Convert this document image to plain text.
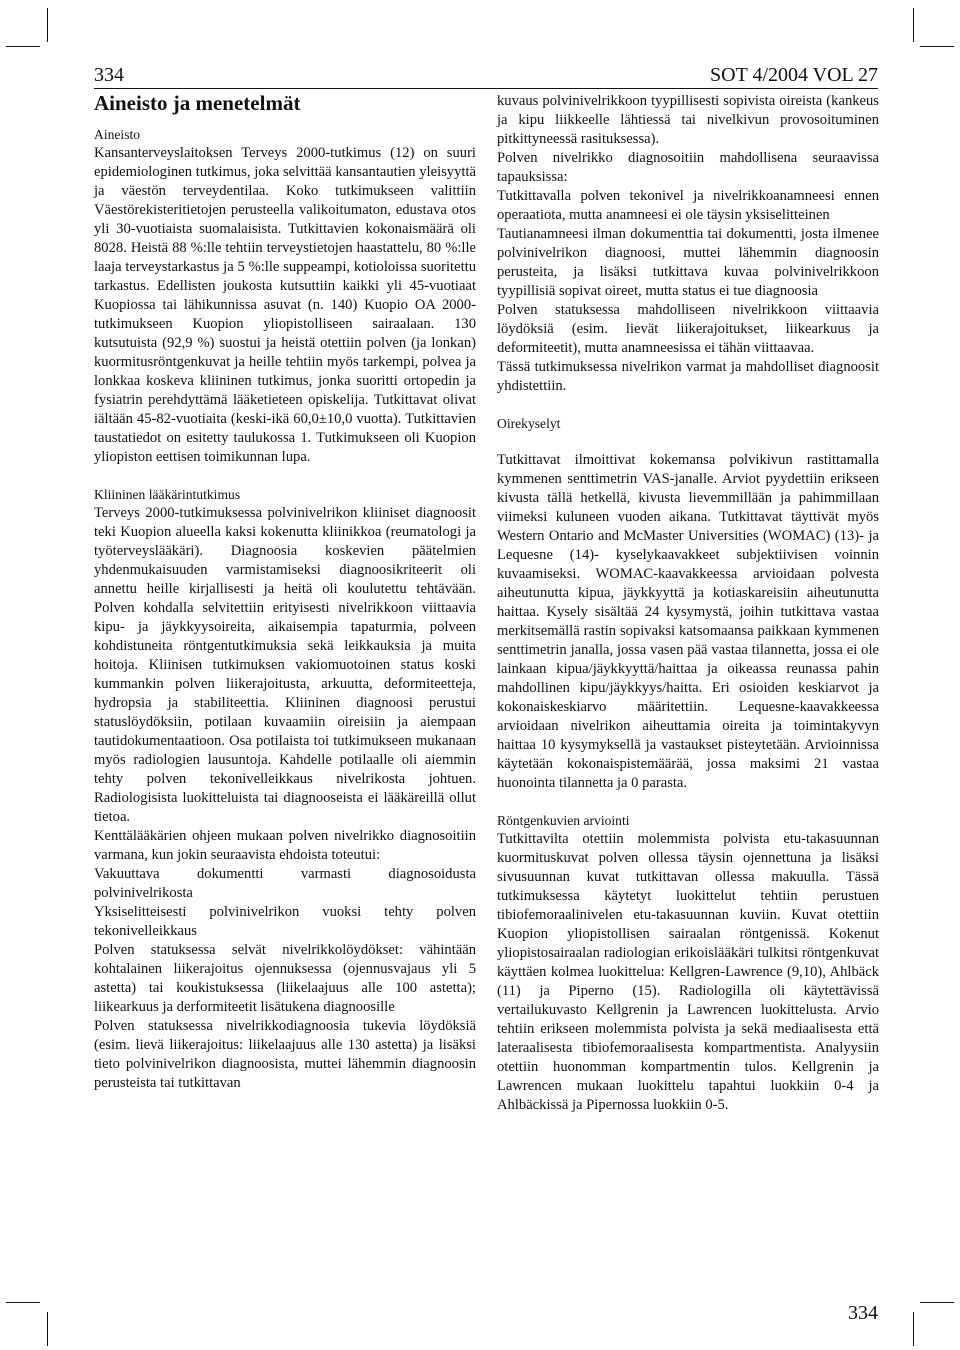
334	SOT 4/2004 VOL 27
Aineisto ja menetelmät

Aineisto

Kansanterveyslaitoksen Terveys 2000-tutkimus (12) on suuri epidemiologinen tutkimus, joka selvittää kansantautien yleisyyttä ja väestön terveydentilaa. Koko tutkimukseen valittiin Väestörekisteritietojen perusteella valikoitumaton, edustava otos yli 30-vuotiaista suomalaisista. Tutkittavien kokonaismäärä oli 8028. Heistä 88 %:lle tehtiin terveystietojen haastattelu, 80 %:lle laaja terveystarkastus ja 5 %:lle suppeampi, kotioloissa suoritettu tarkastus. Edellisten joukosta kutsuttiin kaikki yli 45-vuotiaat Kuopiossa tai lähikunnissa asuvat (n. 140) Kuopio OA 2000-tutkimukseen Kuopion yliopistolliseen sairaalaan. 130 kutsutuista (92,9 %) suostui ja heistä otettiin polven (ja lonkan) kuormitusröntgenkuvat ja heille tehtiin myös tarkempi, polvea ja lonkkaa koskeva kliininen tutkimus, jonka suoritti ortopedin ja fysiatrin perehdyttämä lääketieteen opiskelija. Tutkittavat olivat iältään 45-82-vuotiaita (keski-ikä 60,0±10,0 vuotta). Tutkittavien taustatiedot on esitetty taulukossa 1. Tutkimukseen oli Kuopion yliopiston eettisen toimikunnan lupa.

Kliininen lääkärintutkimus

Terveys 2000-tutkimuksessa polvinivelrikon kliiniset diagnoosit teki Kuopion alueella kaksi kokenutta kliinikkoa (reumatologi ja työterveyslääkäri). Diagnoosia koskevien päätelmien yhdenmukaisuuden varmistamiseksi diagnoosikriteerit oli annettu heille kirjallisesti ja heitä oli koulutettu tehtävään. Polven kohdalla selvitettiin erityisesti nivelrikkoon viittaavia kipu- ja jäykkyysoireita, aikaisempia tapaturmia, polveen kohdistuneita röntgentutkimuksia sekä leikkauksia ja muita hoitoja. Kliinisen tutkimuksen vakiomuotoinen status koski kummankin polven liikerajoitusta, arkuutta, deformiteetteja, hydropsia ja stabiliteettia. Kliininen diagnoosi perustui statuslöydöksiin, potilaan kuvaamiin oireisiin ja aiempaan tautidokumentaatioon. Osa potilaista toi tutkimukseen mukanaan myös radiologien lausuntoja. Kahdelle potilaalle oli aiemmin tehty polven tekonivelleikkaus nivelrikosta johtuen. Radiologisista luokitteluista tai diagnooseista ei lääkäreillä ollut tietoa.

Kenttälääkärien ohjeen mukaan polven nivelrikko diagnosoitiin varmana, kun jokin seuraavista ehdoista toteutui:

Vakuuttava dokumentti varmasti diagnosoidusta polvinivelrikosta

Yksiselitteisesti polvinivelrikon vuoksi tehty polven tekonivelleikkaus

Polven statuksessa selvät nivelrikkolöydökset: vähintään kohtalainen liikerajoitus ojennuksessa (ojennusvajaus yli 5 astetta) tai koukistuksessa (liikelaajuus alle 100 astetta); liikearkuus ja derformiteetit lisätukena diagnoosille

Polven statuksessa nivelrikkodiagnoosia tukevia löydöksiä (esim. lievä liikerajoitus: liikelaajuus alle 130 astetta) ja lisäksi tieto polvinivelrikon diagnoosista, muttei lähemmin diagnoosin perusteista tai tutkittavan

kuvaus polvinivelrikkoon tyypillisesti sopivista oireista (kankeus ja kipu liikkeelle lähtiessä tai nivelkivun provosoituminen pitkittyneessä rasituksessa).

Polven nivelrikko diagnosoitiin mahdollisena seuraavissa tapauksissa:

Tutkittavalla polven tekonivel ja nivelrikkoanamneesi ennen operaatiota, mutta anamneesi ei ole täysin yksiselitteinen

Tautianamneesi ilman dokumenttia tai dokumentti, josta ilmenee polvinivelrikon diagnoosi, muttei lähemmin diagnoosin perusteita, ja lisäksi tutkittava kuvaa polvinivelrikkoon tyypillisiä sopivat oireet, mutta status ei tue diagnoosia

Polven statuksessa mahdolliseen nivelrikkoon viittaavia löydöksiä (esim. lievät liikerajoitukset, liikearkuus ja deformiteetit), mutta anamneesissa ei tähän viittaavaa.

Tässä tutkimuksessa nivelrikon varmat ja mahdolliset diagnoosit yhdistettiin.

Oirekyselyt

Tutkittavat ilmoittivat kokemansa polvikivun rastittamalla kymmenen senttimetrin VAS-janalle. Arviot pyydettiin erikseen kivusta tällä hetkellä, kivusta lievemmillään ja pahimmillaan viimeksi kuluneen vuoden aikana. Tutkittavat täyttivät myös Western Ontario and McMaster Universities (WOMAC) (13)- ja Lequesne (14)- kyselykaavakkeet subjektiivisen voinnin kuvaamiseksi. WOMAC-kaavakkeessa arvioidaan polvesta aiheutunutta kipua, jäykkyyttä ja kotiaskareisiin aiheutunutta haittaa. Kysely sisältää 24 kysymystä, joihin tutkittava vastaa merkitsemällä rastin sopivaksi katsomaansa paikkaan kymmenen senttimetrin janalla, jossa vasen pää vastaa tilannetta, jossa ei ole lainkaan kipua/jäykkyyttä/haittaa ja oikeassa reunassa pahin mahdollinen kipu/jäykkyys/haitta. Eri osioiden keskiarvot ja kokonaiskeskiarvo määritettiin. Lequesne-kaavakkeessa arvioidaan nivelrikon aiheuttamia oireita ja toimintakyvyn haittaa 10 kysymyksellä ja vastaukset pisteytetään. Arvioinnissa käytetään kokonaispistemäärää, jossa maksimi 21 vastaa huonointa tilannetta ja 0 parasta.

Röntgenkuvien arviointi

Tutkittavilta otettiin molemmista polvista etu-takasuunnan kuormituskuvat polven ollessa täysin ojennettuna ja lisäksi sivusuunnan kuvat tutkittavan ollessa makuulla. Tässä tutkimuksessa käytetyt luokittelut tehtiin perustuen tibiofemoraalinivelen etu-takasuunnan kuviin. Kuvat otettiin Kuopion yliopistollisen sairaalan röntgenissä. Kokenut yliopistosairaalan radiologian erikoislääkäri tulkitsi röntgenkuvat käyttäen kolmea luokittelua: Kellgren-Lawrence (9,10), Ahlbäck (11) ja Piperno (15). Radiologilla oli käytettävissä vertailukuvasto Kellgrenin ja Lawrencen luokittelusta. Arvio tehtiin erikseen molemmista polvista ja sekä mediaalisesta että lateraalisesta tibiofemoraalisesta kompartmentista. Analyysiin otettiin huonomman kompartmentin tulos. Kellgrenin ja Lawrencen mukaan luokittelu tapahtui luokkiin 0-4 ja Ahlbäckissä ja Pipernossa luokkiin 0-5.

334
